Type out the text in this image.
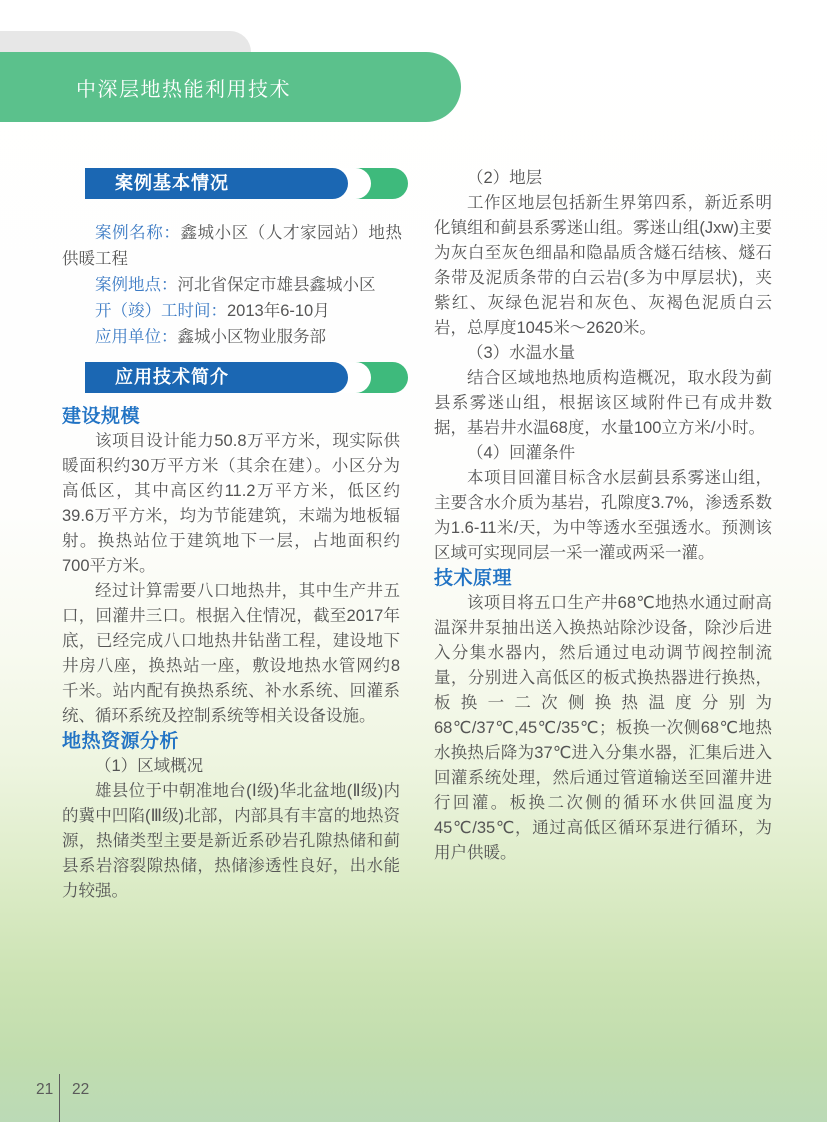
中深层地热能利用技术
案例基本情况

案例名称：鑫城小区（人才家园站）地热供暖工程

案例地点：河北省保定市雄县鑫城小区

开（竣）工时间：2013年6-10月

应用单位：鑫城小区物业服务部

应用技术简介
建设规模

该项目设计能力50.8万平方米，现实际供暖面积约30万平方米（其余在建）。小区分为高低区，其中高区约11.2万平方米，低区约39.6万平方米，均为节能建筑，末端为地板辐射。换热站位于建筑地下一层，占地面积约700平方米。

经过计算需要八口地热井，其中生产井五口，回灌井三口。根据入住情况，截至2017年底，已经完成八口地热井钻凿工程，建设地下井房八座，换热站一座，敷设地热水管网约8千米。站内配有换热系统、补水系统、回灌系统、循环系统及控制系统等相关设备设施。

地热资源分析

（1）区域概况

雄县位于中朝准地台(Ⅰ级)华北盆地(Ⅱ级)内的冀中凹陷(Ⅲ级)北部，内部具有丰富的地热资源，热储类型主要是新近系砂岩孔隙热储和蓟县系岩溶裂隙热储，热储渗透性良好，出水能力较强。

（2）地层

工作区地层包括新生界第四系，新近系明化镇组和蓟县系雾迷山组。雾迷山组(Jxw)主要为灰白至灰色细晶和隐晶质含燧石结核、燧石条带及泥质条带的白云岩(多为中厚层状)，夹紫红、灰绿色泥岩和灰色、灰褐色泥质白云岩，总厚度1045米～2620米。

（3）水温水量

结合区域地热地质构造概况，取水段为蓟县系雾迷山组，根据该区域附件已有成井数据，基岩井水温68度，水量100立方米/小时。

（4）回灌条件

本项目回灌目标含水层蓟县系雾迷山组，主要含水介质为基岩，孔隙度3.7%，渗透系数为1.6-11米/天，为中等透水至强透水。预测该区域可实现同层一采一灌或两采一灌。

技术原理

该项目将五口生产井68℃地热水通过耐高温深井泵抽出送入换热站除沙设备，除沙后进入分集水器内，然后通过电动调节阀控制流量，分别进入高低区的板式换热器进行换热，板换一二次侧换热温度分别为68℃/37℃,45℃/35℃；板换一次侧68℃地热水换热后降为37℃进入分集水器，汇集后进入回灌系统处理，然后通过管道输送至回灌井进行回灌。板换二次侧的循环水供回温度为45℃/35℃，通过高低区循环泵进行循环，为用户供暖。

21 22
